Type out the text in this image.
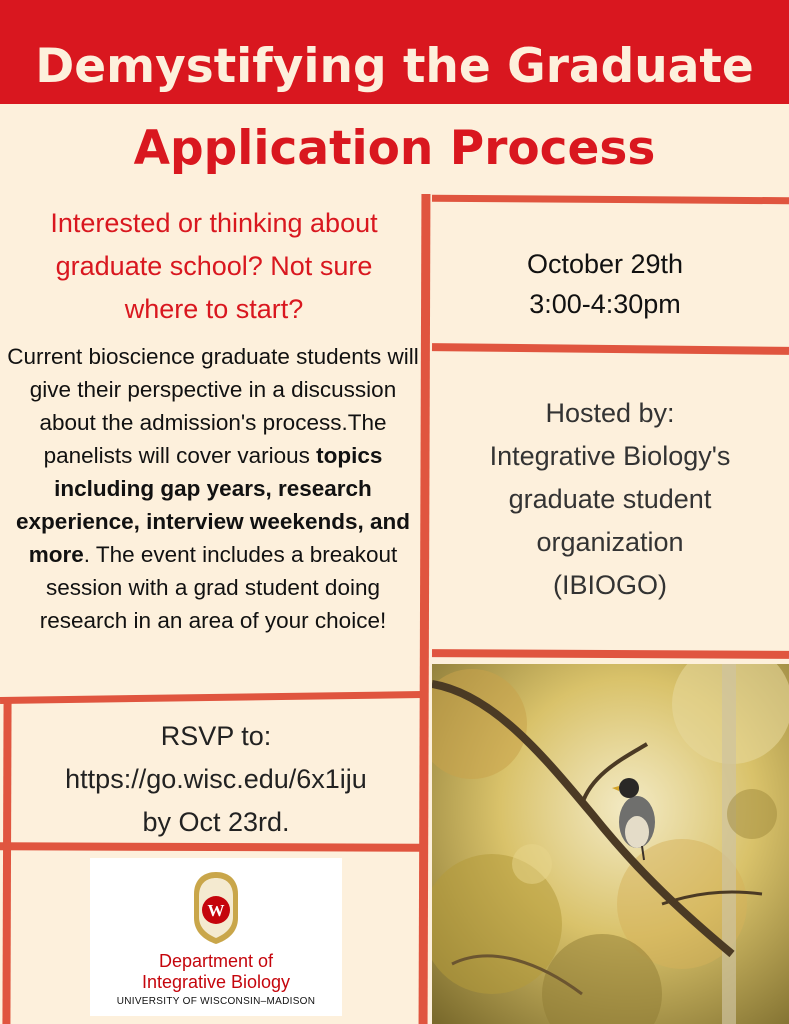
Demystifying the Graduate
Application Process
Interested or thinking about
graduate school? Not sure
where to start?
Current bioscience graduate students will give their perspective in a discussion about the admission's process.The panelists will cover various topics including gap years, research experience, interview weekends, and more. The event includes a breakout session with a grad student doing research in an area of your choice!
October 29th
3:00-4:30pm
Hosted by:
Integrative Biology's
graduate student
organization
(IBIOGO)
RSVP to:
https://go.wisc.edu/6x1iju
by Oct 23rd.
W
Department of
Integrative Biology
UNIVERSITY OF WISCONSIN–MADISON
